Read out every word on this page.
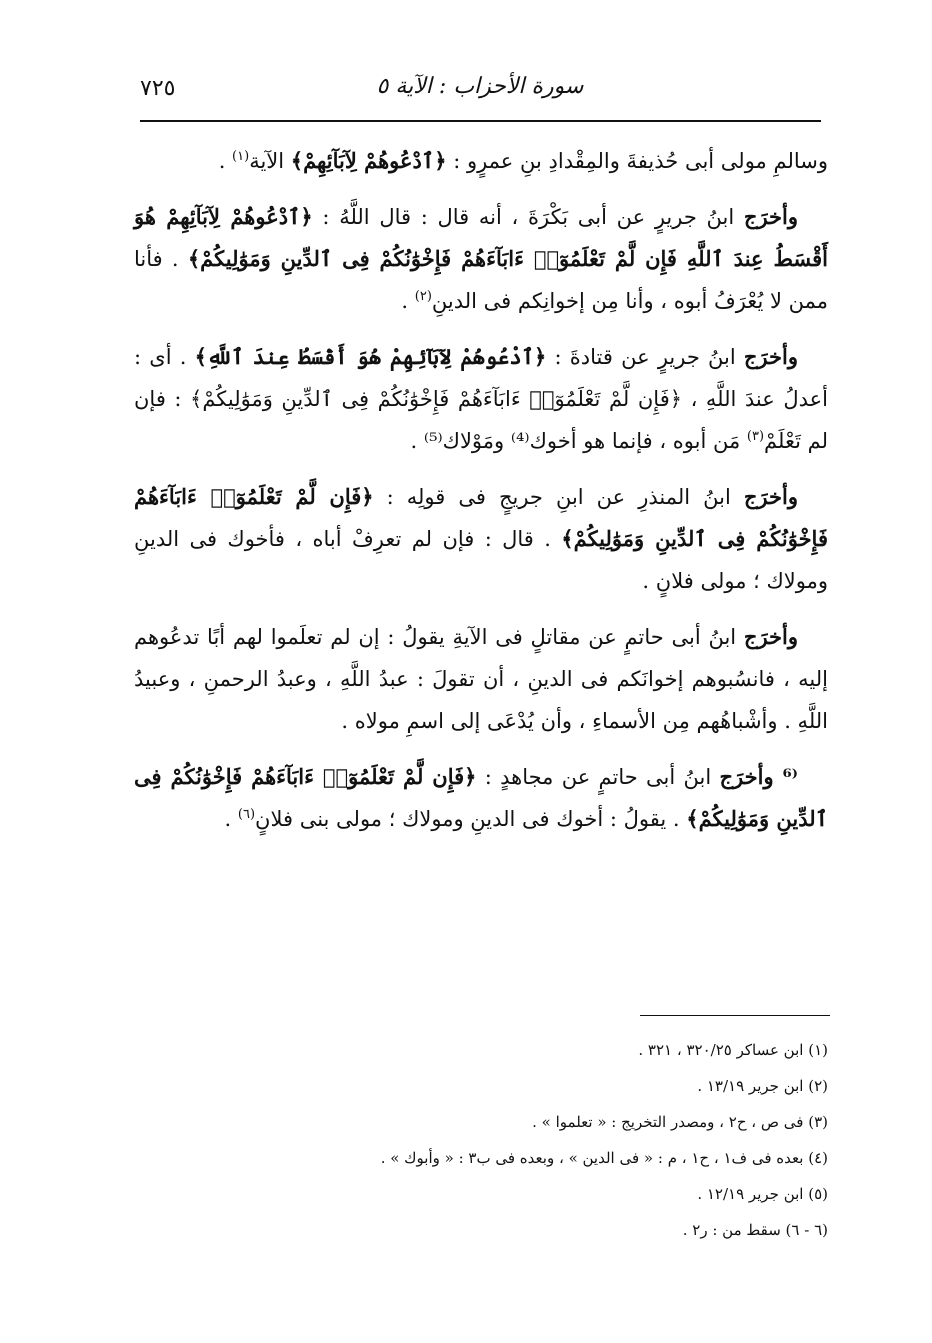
٧٢٥	سورة الأحزاب : الآية ٥

وسالمِ مولى أبى حُذيفةَ والمِقْدادِ بنِ عمرٍو : ﴿ٱدْعُوهُمْ لِآبَآئِهِمْ﴾ الآية$^{(١)}$ .

وأخرَج ابنُ جريرٍ عن أبى بَكْرَةَ ، أنه قال : قال اللَّهُ : ﴿ٱدْعُوهُمْ لِآبَآئِهِمْ هُوَ أَقْسَطُ عِندَ ٱللَّهِ فَإِن لَّمْ تَعْلَمُوٓا۟ ءَابَآءَهُمْ فَإِخْوَٰنُكُمْ فِى ٱلدِّينِ وَمَوَٰلِيكُمْ﴾ . فأنا ممن لا يُعْرَفُ أبوه ، وأنا مِن إخوانِكم فى الدينِ$^{(٢)}$ .

وأخرَج ابنُ جريرٍ عن قتادةَ : ﴿ٱدْعُوهُمْ لِآبَآئِهِمْ هُوَ أَقْسَطُ عِندَ ٱللَّهِ﴾ . أى : أعدلُ عندَ اللَّهِ ، ﴿فَإِن لَّمْ تَعْلَمُوٓا۟ ءَابَآءَهُمْ فَإِخْوَٰنُكُمْ فِى ٱلدِّينِ وَمَوَٰلِيكُمْ﴾ : فإن لم تَعْلَمْ$^{(٣)}$ مَن أبوه ، فإنما هو أخوك⁽⁴⁾ ومَوْلاك⁽⁵⁾ .

وأخرَج ابنُ المنذرِ عن ابنِ جريجٍ فى قولِه : ﴿فَإِن لَّمْ تَعْلَمُوٓا۟ ءَابَآءَهُمْ فَإِخْوَٰنُكُمْ فِى ٱلدِّينِ وَمَوَٰلِيكُمْ﴾ . قال : فإن لم تعرِفْ أباه ، فأخوك فى الدينِ ومولاك ؛ مولى فلانٍ .

وأخرَج ابنُ أبى حاتمٍ عن مقاتلٍ فى الآيةِ يقولُ : إن لم تعلَموا لهم أبًا تدعُوهم إليه ، فانسُبوهم إخوانَكم فى الدينِ ، أن تقولَ : عبدُ اللَّهِ ، وعبدُ الرحمنِ ، وعبيدُ اللَّهِ . وأشْباهُهم مِن الأسماءِ ، وأن يُدْعَى إلى اسمِ مولاه .

⁽⁶ وأخرَج ابنُ أبى حاتمٍ عن مجاهدٍ : ﴿فَإِن لَّمْ تَعْلَمُوٓا۟ ءَابَآءَهُمْ فَإِخْوَٰنُكُمْ فِى ٱلدِّينِ وَمَوَٰلِيكُمْ﴾ . يقولُ : أخوك فى الدينِ ومولاك ؛ مولى بنى فلانٍ$^{(٦)}$ .

(١) ابن عساكر ٣٢٠/٢٥ ، ٣٢١ .

(٢) ابن جرير ١٣/١٩ .

(٣) فى ص ، ح٢ ، ومصدر التخريج : « تعلموا » .

(٤) بعده فى ف١ ، ح١ ، م : « فى الدين » ، وبعده فى ب٣ : « وأبوك » .

(٥) ابن جرير ١٢/١٩ .

(٦ - ٦) سقط من : ر٢ .
